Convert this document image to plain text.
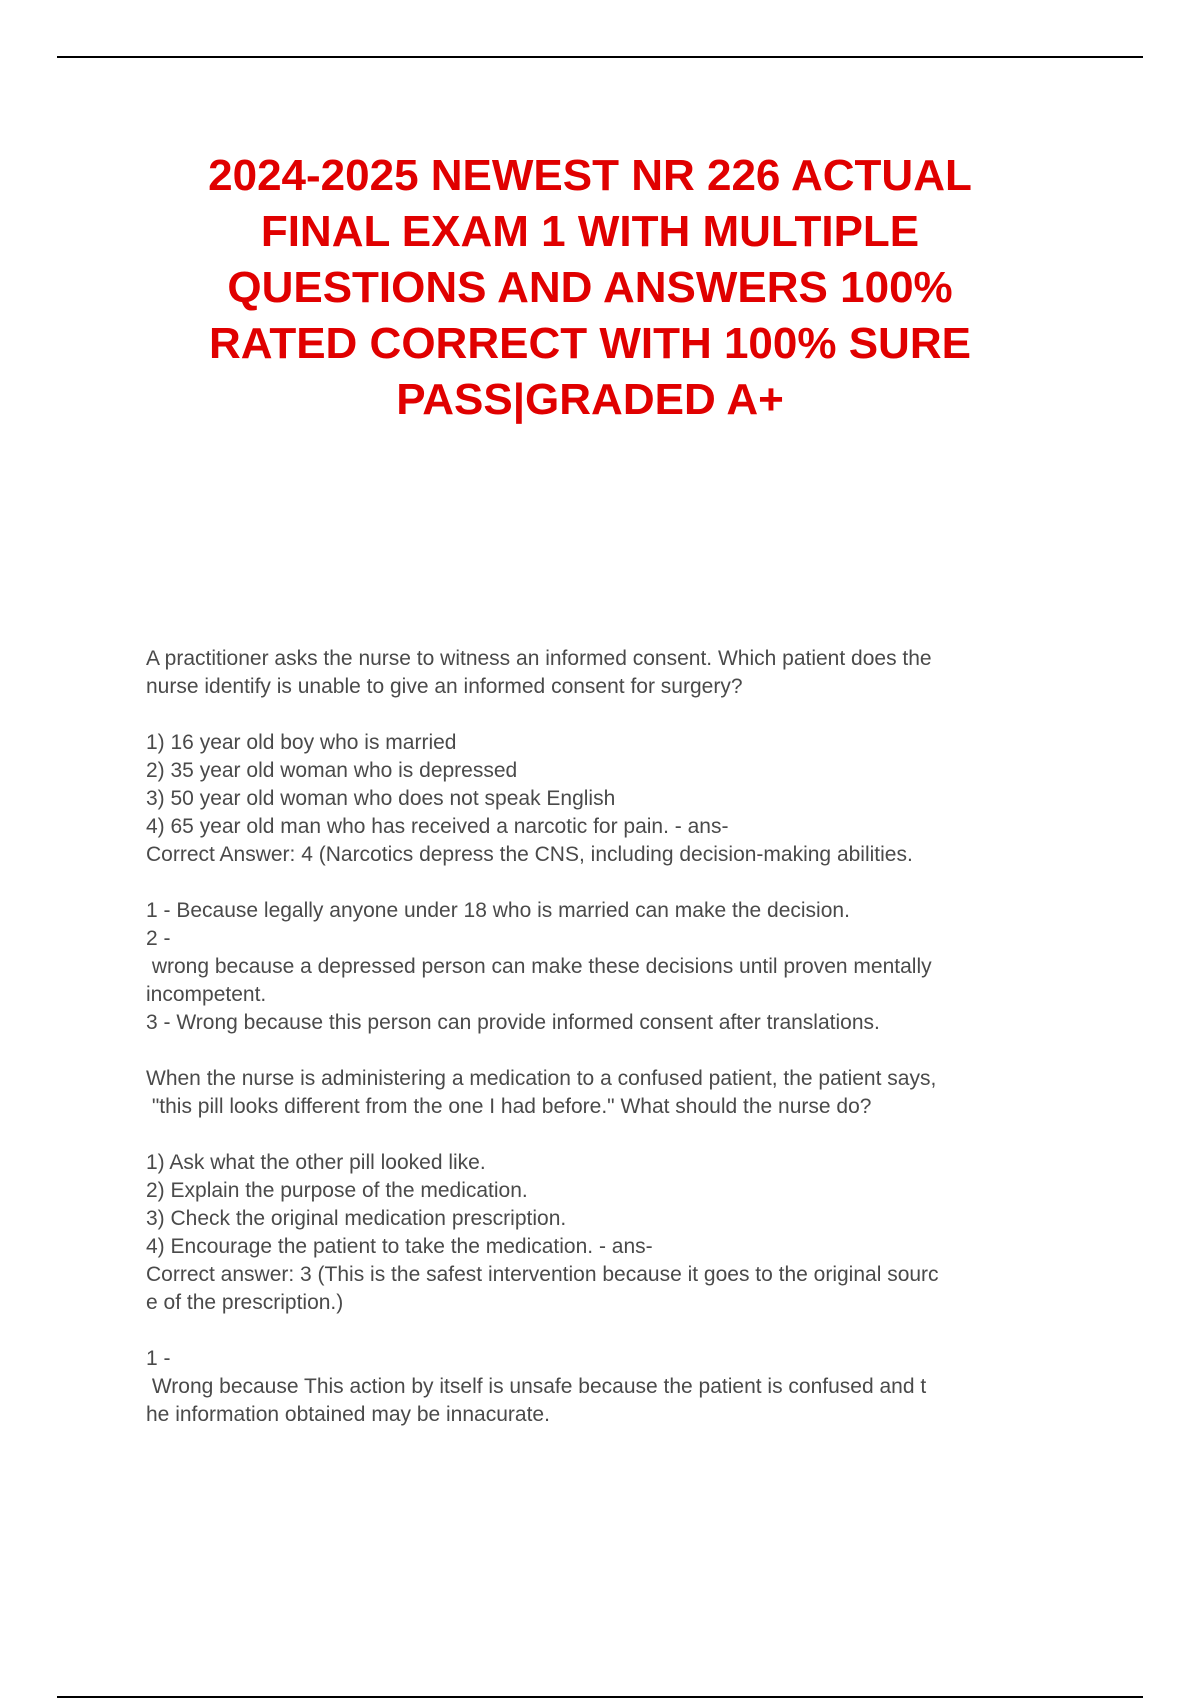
2024-2025 NEWEST NR 226 ACTUAL
FINAL EXAM 1 WITH MULTIPLE
QUESTIONS AND ANSWERS 100%
RATED CORRECT WITH 100% SURE
PASS|GRADED A+
A practitioner asks the nurse to witness an informed consent. Which patient does the
nurse identify is unable to give an informed consent for surgery?
1) 16 year old boy who is married
2) 35 year old woman who is depressed
3) 50 year old woman who does not speak English
4) 65 year old man who has received a narcotic for pain. - ans-
Correct Answer: 4 (Narcotics depress the CNS, including decision-making abilities.
1 - Because legally anyone under 18 who is married can make the decision.
2 -
wrong because a depressed person can make these decisions until proven mentally
incompetent.
3 - Wrong because this person can provide informed consent after translations.
When the nurse is administering a medication to a confused patient, the patient says,
"this pill looks different from the one I had before." What should the nurse do?
1) Ask what the other pill looked like.
2) Explain the purpose of the medication.
3) Check the original medication prescription.
4) Encourage the patient to take the medication. - ans-
Correct answer: 3 (This is the safest intervention because it goes to the original sourc
e of the prescription.)
1 -
Wrong because This action by itself is unsafe because the patient is confused and t
he information obtained may be innacurate.
